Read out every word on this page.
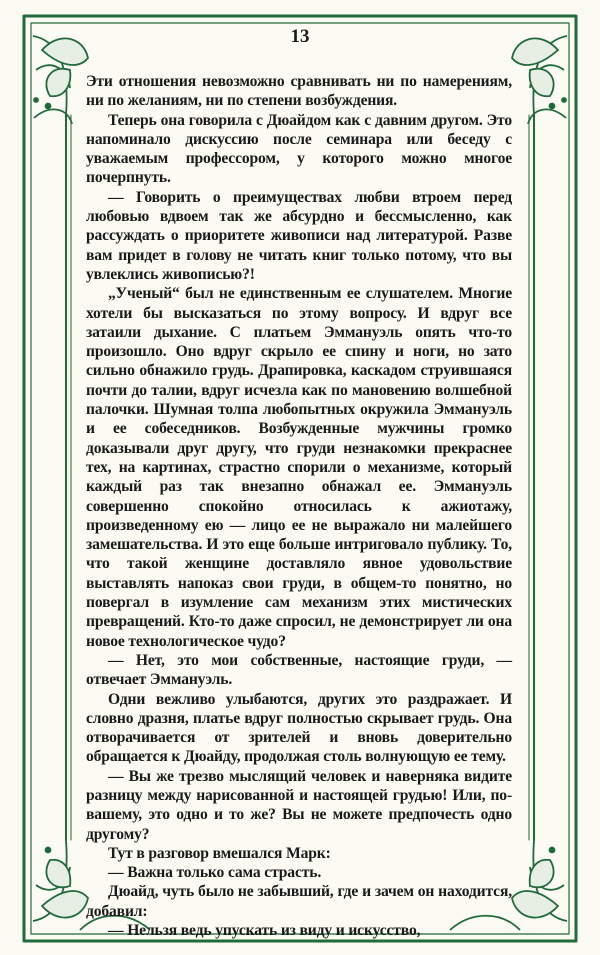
13

Эти отношения невозможно сравнивать ни по намерениям, ни по желаниям, ни по степени возбуждения.

Теперь она говорила с Дюайдом как с давним другом. Это напоминало дискуссию после семинара или беседу с уважаемым профессором, у которого можно многое почерпнуть.

— Говорить о преимуществах любви втроем перед любовью вдвоем так же абсурдно и бессмысленно, как рассуждать о приоритете живописи над литературой. Разве вам придет в голову не читать книг только потому, что вы увлеклись живописью?!

„Ученый“ был не единственным ее слушателем. Многие хотели бы высказаться по этому вопросу. И вдруг все затаили дыхание. С платьем Эммануэль опять что-то произошло. Оно вдруг скрыло ее спину и ноги, но зато сильно обнажило грудь. Драпировка, каскадом струившаяся почти до талии, вдруг исчезла как по мановению волшебной палочки. Шумная толпа любопытных окружила Эммануэль и ее собеседников. Возбужденные мужчины громко доказывали друг другу, что груди незнакомки прекраснее тех, на картинах, страстно спорили о механизме, который каждый раз так внезапно обнажал ее. Эммануэль совершенно спокойно относилась к ажиотажу, произведенному ею — лицо ее не выражало ни малейшего замешательства. И это еще больше интриговало публику. То, что такой женщине доставляло явное удовольствие выставлять напоказ свои груди, в общем-то понятно, но повергал в изумление сам механизм этих мистических превращений. Кто-то даже спросил, не демонстрирует ли она новое технологическое чудо?

— Нет, это мои собственные, настоящие груди, — отвечает Эммануэль.

Одни вежливо улыбаются, других это раздражает. И словно дразня, платье вдруг полностью скрывает грудь. Она отворачивается от зрителей и вновь доверительно обращается к Дюайду, продолжая столь волнующую ее тему.

— Вы же трезво мыслящий человек и наверняка видите разницу между нарисованной и настоящей грудью! Или, по-вашему, это одно и то же? Вы не можете предпочесть одно другому?

Тут в разговор вмешался Марк:

— Важна только сама страсть.

Дюайд, чуть было не забывший, где и зачем он находится, добавил:

— Нельзя ведь упускать из виду и искусство,
